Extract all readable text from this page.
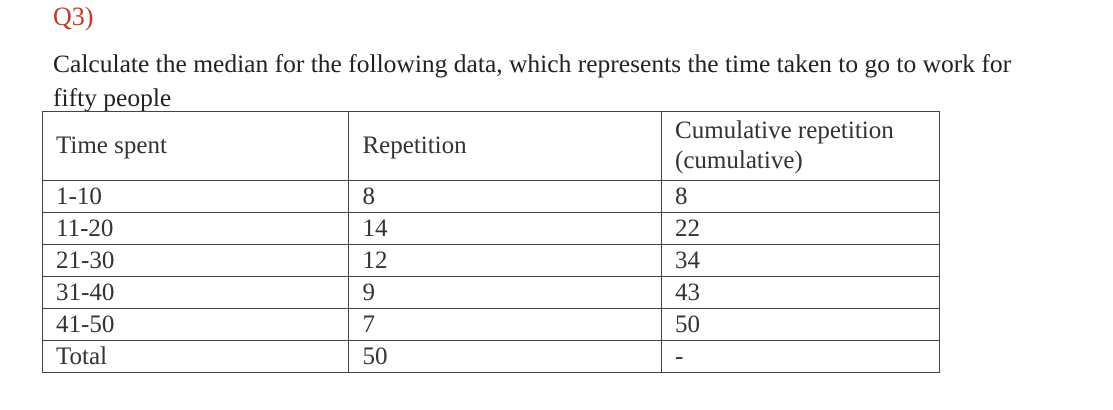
Q3)
Calculate the median for the following data, which represents the time taken to go to work for fifty people
Time spent	Repetition	Cumulative repetition
(cumulative)

1-10	8	8
11-20	14	22
21-30	12	34
31-40	9	43
41-50	7	50
Total	50	-
